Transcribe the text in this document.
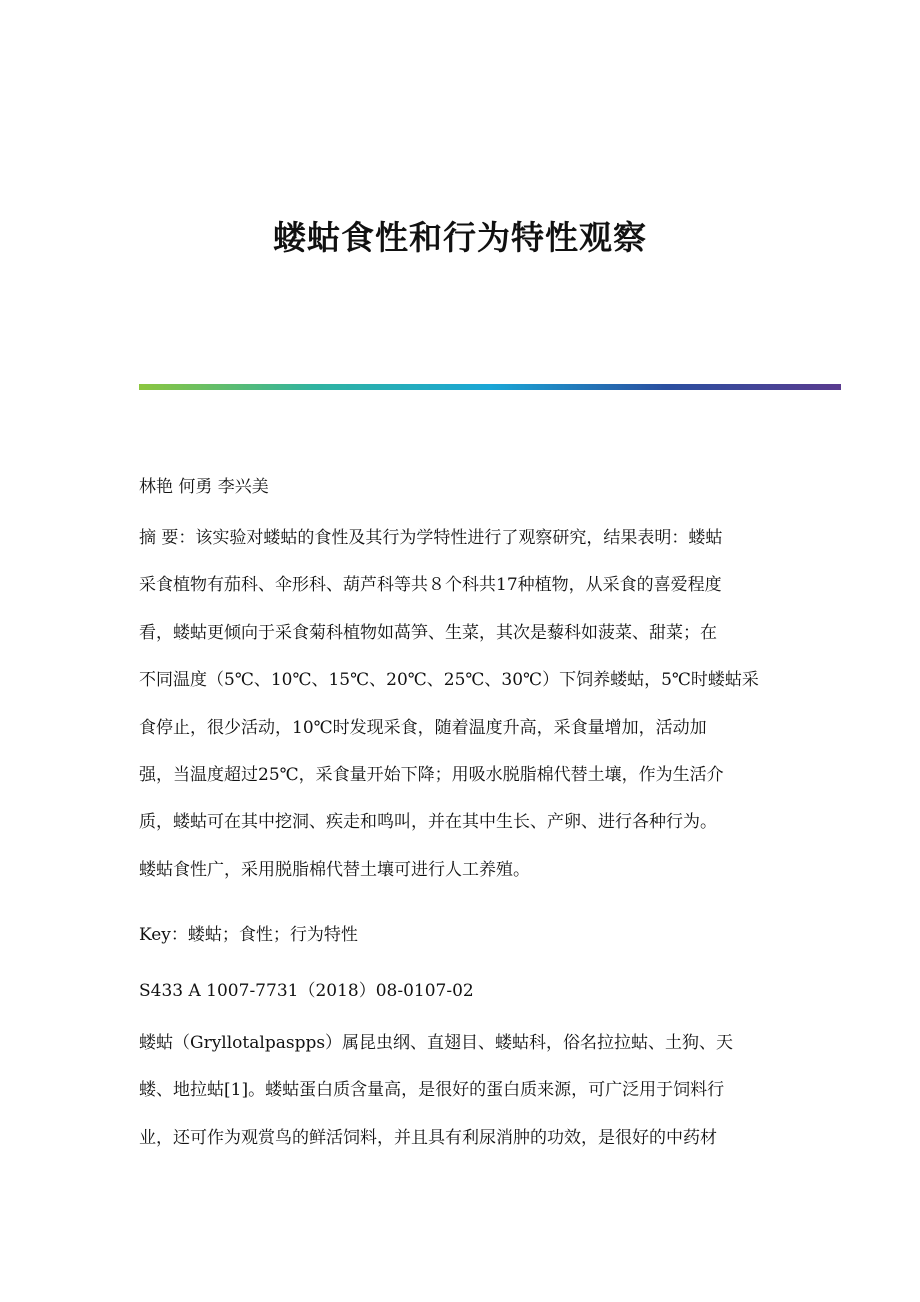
蝼蛄食性和行为特性观察

林艳 何勇 李兴美

摘 要：该实验对蝼蛄的食性及其行为学特性进行了观察研究，结果表明：蝼蛄
采食植物有茄科、伞形科、葫芦科等共８个科共17种植物，从采食的喜爱程度
看，蝼蛄更倾向于采食菊科植物如萵笋、生菜，其次是藜科如菠菜、甜菜；在
不同温度（5℃、10℃、15℃、20℃、25℃、30℃）下饲养蝼蛄，5℃时蝼蛄采
食停止，很少活动，10℃时发现采食，随着温度升高，采食量增加，活动加
强，当温度超过25℃，采食量开始下降；用吸水脱脂棉代替土壤，作为生活介
质，蝼蛄可在其中挖洞、疾走和鸣叫，并在其中生长、产卵、进行各种行为。
蝼蛄食性广，采用脱脂棉代替土壤可进行人工养殖。

Key：蝼蛄；食性；行为特性

S433 A 1007-7731（2018）08-0107-02

蝼蛄（Gryllotalpaspps）属昆虫纲、直翅目、蝼蛄科，俗名拉拉蛄、土狗、天
蝼、地拉蛄[1]。蝼蛄蛋白质含量高，是很好的蛋白质来源，可广泛用于饲料行
业，还可作为观赏鸟的鲜活饲料，并且具有利尿消肿的功效，是很好的中药材
